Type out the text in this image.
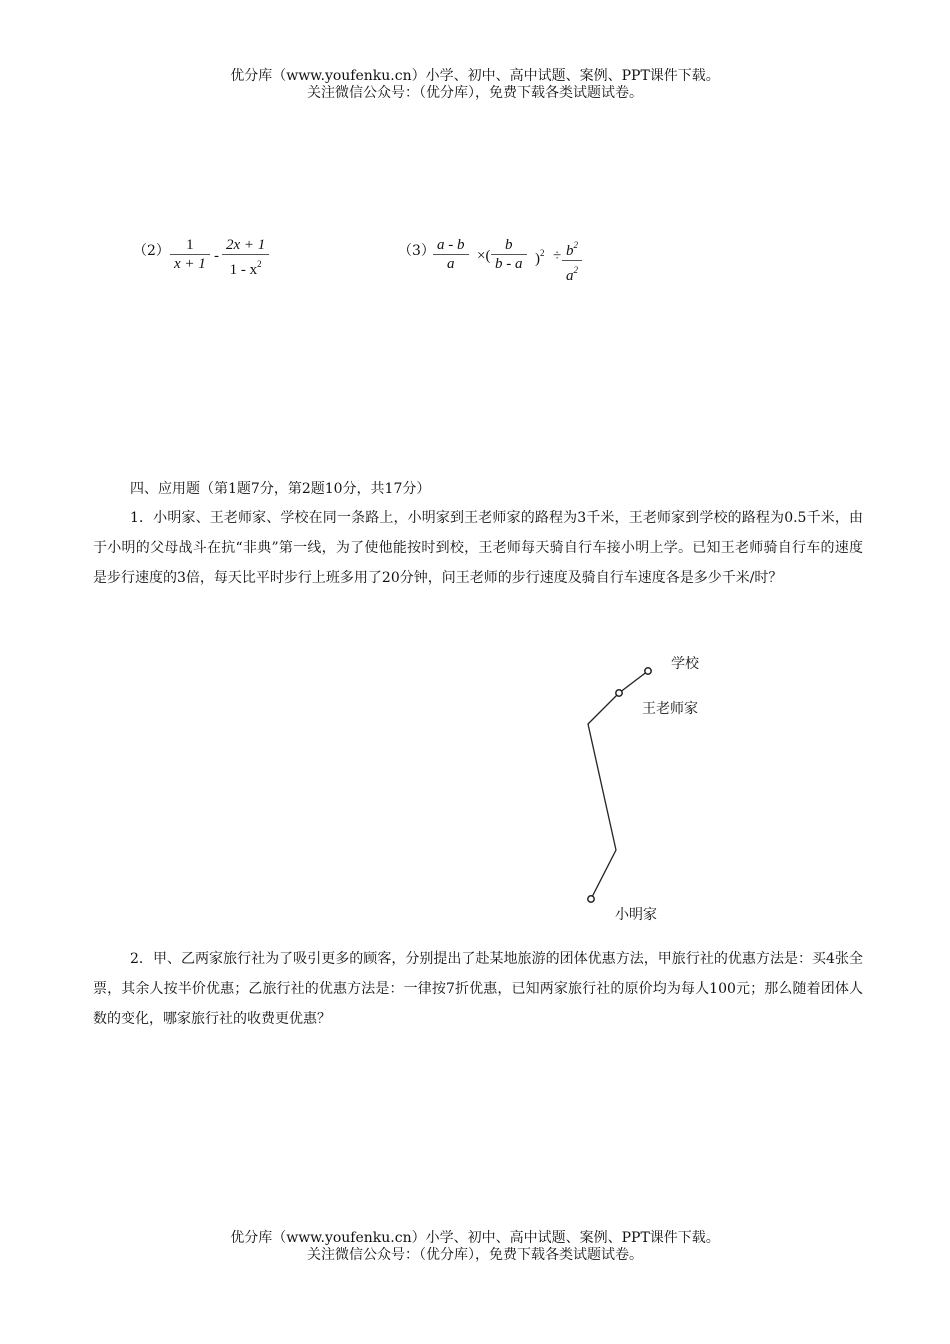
优分库（www.youfenku.cn）小学、初中、高中试题、案例、PPT课件下载。
关注微信公众号：（优分库），免费下载各类试题试卷。
$(2) \frac{1}{x + 1} - \frac{2x + 1}{1 - x^2}$	（3）
$\frac{a - b}{a}$ ×( $\frac{b}{b - a} )^2 \div \frac{b^2}{a^2}$
四、应用题（第1题7分，第2题10分，共17分）
1．小明家、王老师家、学校在同一条路上，小明家到王老师家的路程为3千米，王老师家到学校的路程为0.5千米，由于小明的父母战斗在抗“非典”第一线，为了使他能按时到校，王老师每天骑自行车接小明上学。已知王老师骑自行车的速度是步行速度的3倍，每天比平时步行上班多用了20分钟，问王老师的步行速度及骑自行车速度各是多少千米/时？
学校
王老师家
小明家
2．甲、乙两家旅行社为了吸引更多的顾客，分别提出了赴某地旅游的团体优惠方法，甲旅行社的优惠方法是：买4张全票，其余人按半价优惠；乙旅行社的优惠方法是：一律按7折优惠，已知两家旅行社的原价均为每人100元；那么随着团体人数的变化，哪家旅行社的收费更优惠？
优分库（www.youfenku.cn）小学、初中、高中试题、案例、PPT课件下载。
关注微信公众号：（优分库），免费下载各类试题试卷。
